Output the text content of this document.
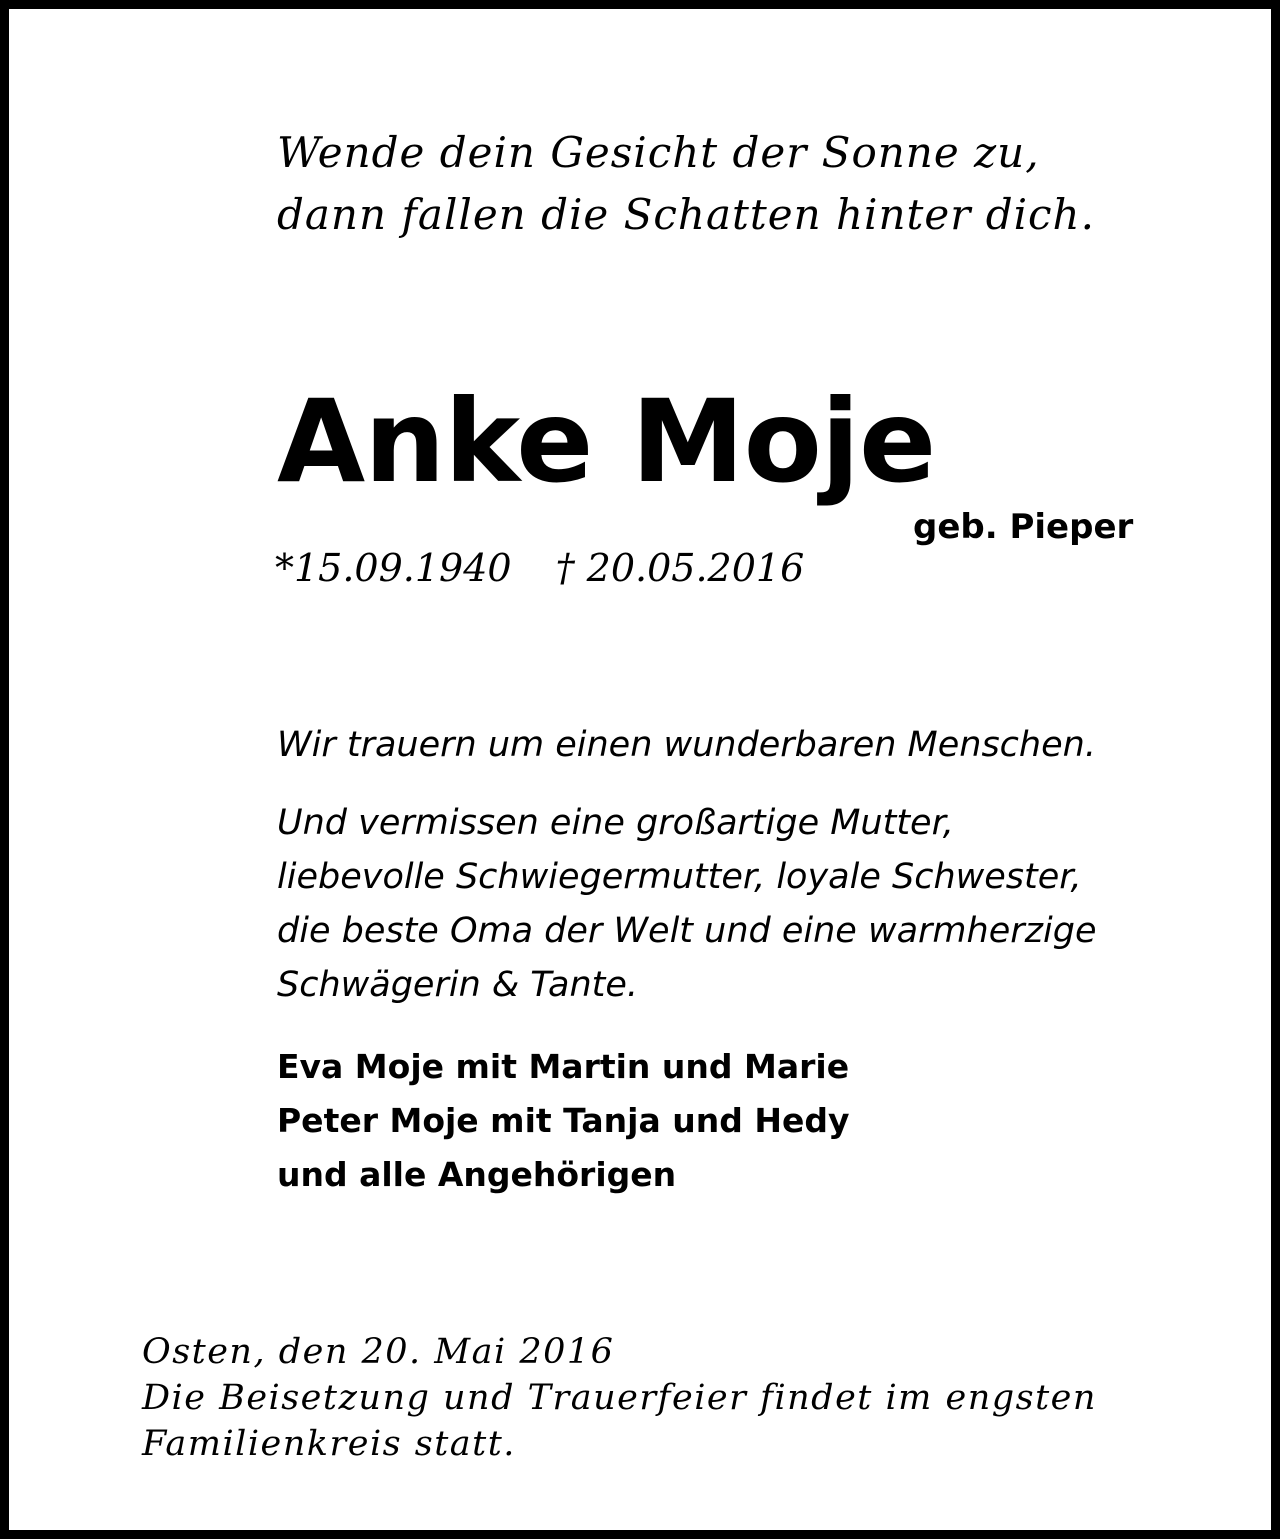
Wende dein Gesicht der Sonne zu,
dann fallen die Schatten hinter dich.
Anke Moje
geb. Pieper
*15.09.1940 † 20.05.2016
Wir trauern um einen wunderbaren Menschen.
Und vermissen eine großartige Mutter,
liebevolle Schwiegermutter, loyale Schwester,
die beste Oma der Welt und eine warmherzige
Schwägerin & Tante.
Eva Moje mit Martin und Marie
Peter Moje mit Tanja und Hedy
und alle Angehörigen
Osten, den 20. Mai 2016
Die Beisetzung und Trauerfeier findet im engsten
Familienkreis statt.
